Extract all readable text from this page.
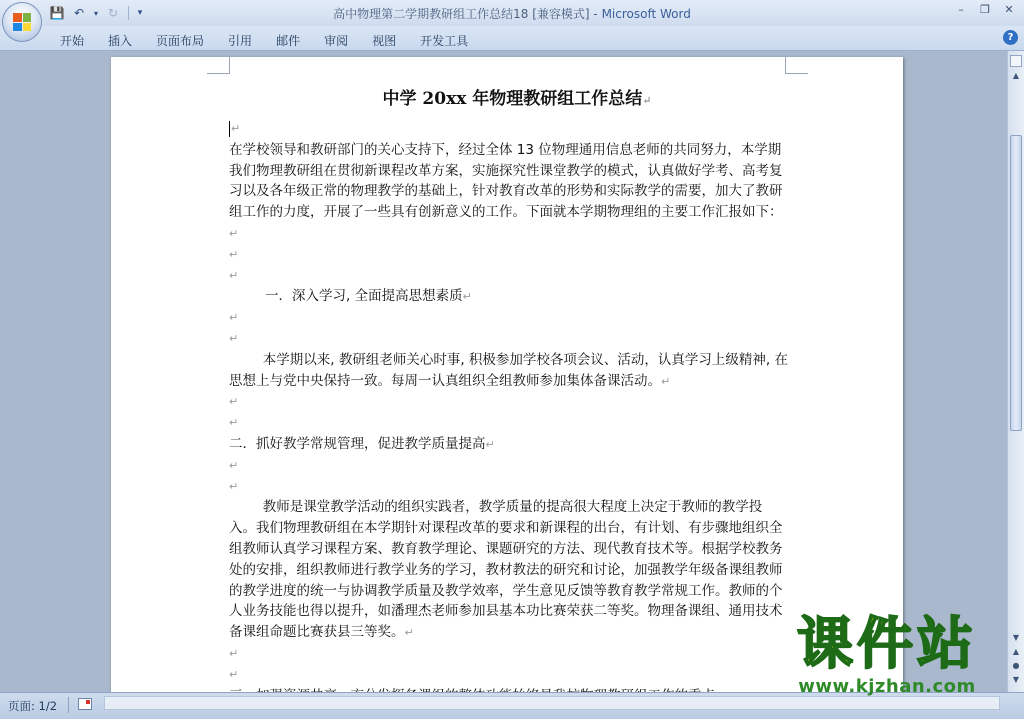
💾 ↶	▾ ↻	▾	高中物理第二学期教研组工作总结18 [兼容模式] - Microsoft Word	–	❐	✕
开始	插入	页面布局	引用	邮件	审阅	视图	开发工具	?
中学 20xx 年物理教研组工作总结↵
↵
在学校领导和教研部门的关心支持下，经过全体 13 位物理通用信息老师的共同努力，本学期我们物理教研组在贯彻新课程改革方案，实施探究性课堂教学的模式，认真做好学考、高考复习以及各年级正常的物理教学的基础上，针对教育改革的形势和实际教学的需要，加大了教研组工作的力度，开展了一些具有创新意义的工作。下面就本学期物理组的主要工作汇报如下：↵
↵
↵
一．深入学习, 全面提高思想素质↵
↵
↵
本学期以来, 教研组老师关心时事, 积极参加学校各项会议、活动，认真学习上级精神, 在思想上与党中央保持一致。每周一认真组织全组教师参加集体备课活动。↵
↵
↵
二．抓好教学常规管理，促进教学质量提高↵
↵
↵
教师是课堂教学活动的组织实践者，教学质量的提高很大程度上决定于教师的教学投入。我们物理教研组在本学期针对课程改革的要求和新课程的出台，有计划、有步骤地组织全组教师认真学习课程方案、教育教学理论、课题研究的方法、现代教育技术等。根据学校教务处的安排，组织教师进行教学业务的学习，教材教法的研究和讨论，加强教学年级备课组教师的教学进度的统一与协调教学质量及教学效率，学生意见反馈等教育教学常规工作。教师的个人业务技能也得以提升，如潘理杰老师参加县基本功比赛荣获二等奖。物理备课组、通用技术备课组命题比赛获县三等奖。↵
↵
↵
▲
▼
▲
●
▼
页面: 1/2
课件站
www.kjzhan.com
